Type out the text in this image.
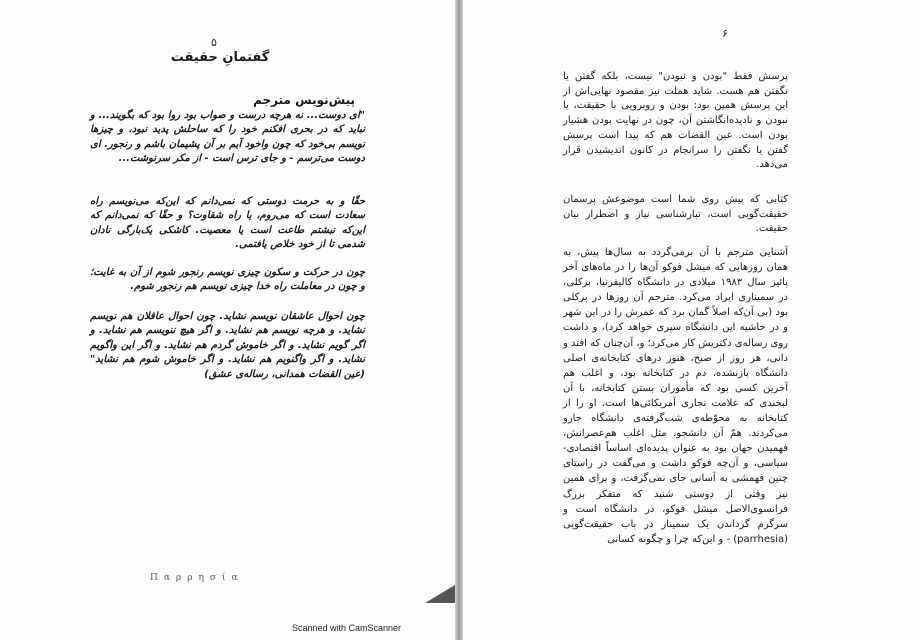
۵
گفتمانِ حقیقت
پیش‌نویس مترجم

"ای دوست... نه هرچه درست و صواب بود روا بود که بگویند... و نباید که در بحری افکنم خود را که ساحلش پدید نبود، و چیزها نویسم بی‌خود که چون واخود آیم بر آن پشیمان باشم و رنجور. ای دوست می‌ترسم - و جای ترس است - از مکر سرنوشت...

حقّا و به حرمت دوستی که نمی‌دانم که این‌که می‌نویسم راه سعادت است که می‌روم، یا راه شقاوت؟ و حقّا که نمی‌دانم که این‌که نبشتم طاعت است یا معصیت. کاشکی یک‌بارگی نادان شدمی تا از خود خلاص یافتمی.

چون در حرکت و سکون چیزی نویسم رنجور شوم از آن به غایت؛ و چون در معاملت راه خدا چیزی نویسم هم رنجور شوم.

چون احوال عاشقان نویسم نشاید. چون احوال عاقلان هم نویسم نشاید. و هرچه نویسم هم نشاید. و اگر هیچ ننویسم هم نشاید. و اگر گویم نشاید. و اگر خاموش گردم هم نشاید. و اگر این واگویم نشاید. و اگر واگنویم هم نشاید. و اگر خاموش شوم هم نشاید" (عین القضات همدانی، رساله‌ی عشق)

Παρρησία
۶

پرسش فقط "بودن و نبودن" نیست، بلکه گفتن یا نگفتن هم هست. شاید هملت نیز مقصود نهایی‌اش از این پرسش همین بود: بودن و روبرویی با حقیقت، یا نبودن و نادیده‌انگاشتن آن، چون در نهایت بودن هشیار بودن است. عین القضات هم که پیدا است پرسش گفتن یا نگفتن را سرانجام در کانون اندیشیدن قرار می‌دهد.

کتابی که پیش روی شما است موضوعش پرسمان حقیقت‌گویی است، تبارشناسی نیاز و اضطرار بیان حقیقت.

آشنایی مترجم با آن برمی‌گردد به سال‌ها پیش، به همان روزهایی که میشل فوکو آن‌ها را در ماه‌های آخر پائیز سال ۱۹۸۳ میلادی در دانشگاه کالیفرنیا، برکلی، در سمیناری ایراد می‌کرد. مترجم آن روزها در برکلی بود (بی آن‌که اصلاً گمان برد که عمرش را در این شهر و در حاشیه این دانشگاه سپری خواهد کرد)، و داشت روی رساله‌ی دکتریش کار می‌کرد؛ و، آن‌چنان که افتد و دانی، هر روز از صبح، هنوز درهای کتابخانه‌ی اصلی دانشگاه بازنشده، دم در کتابخانه بود، و اغلب هم آخرین کسی بود که مأموران بستن کتابخانه، با آن لبخندی که علامت تجاری آمریکائی‌ها است، او را از کتابخانه به محوّطه‌ی شب‌گرفته‌ی دانشگاه جارو می‌کردند. همّ آن دانشجو، مثل اغلب هم‌عصرانش، فهمیدن جهان بود به عنوان پدیده‌ای اساساً اقتصادی-سیاسی، و آن‌چه فوکو داشت و می‌گفت در راستای چنین فهمشی به آسانی جای نمی‌گرفت، و برای همین نیز وقتی از دوستی شنید که متفکر بزرگ فرانسوی‌الاصل میشل فوکو، در دانشگاه است و سرگرم گرداندن یک سمینار در باب حقیقت‌گویی (parrhesia) - و این‌که چرا و چگونه کسانی

Scanned with CamScanner
